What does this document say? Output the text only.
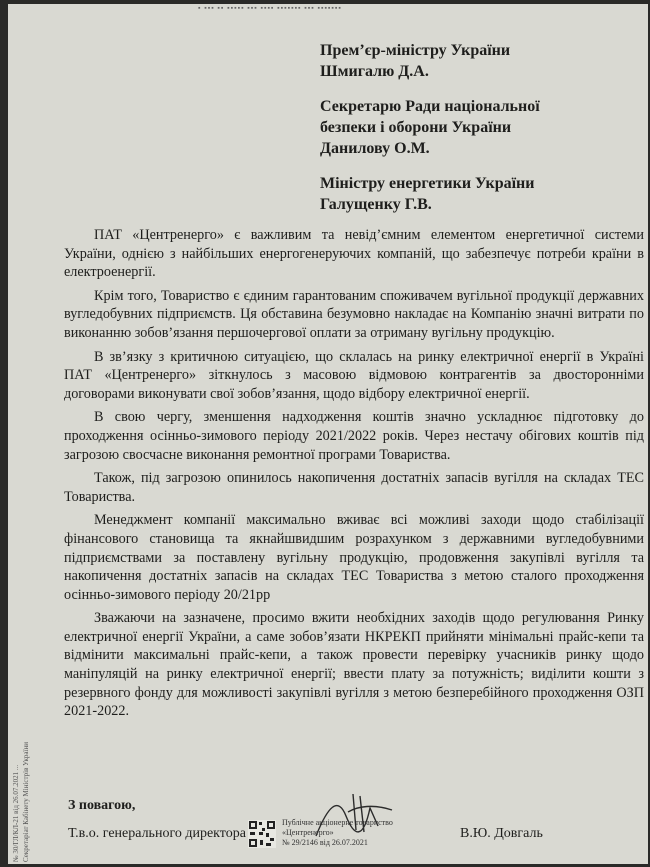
▪ ▪▪▪ ▪▪ ▪▪▪▪▪ ▪▪▪ ▪▪▪▪ ▪▪▪▪▪▪▪ ▪▪▪ ▪▪▪▪▪▪▪
Прем’єр-міністру України
Шмигалю Д.А.
Секретарю Ради національної
безпеки і оборони України
Данилову О.М.
Міністру енергетики України
Галущенку Г.В.

ПАТ «Центренерго» є важливим та невід’ємним елементом енергетичної системи України, однією з найбільших енергогенеруючих компаній, що забезпечує потреби країни в електроенергії.

Крім того, Товариство є єдиним гарантованим споживачем вугільної продукції державних вугледобувних підприємств. Ця обставина безумовно накладає на Компанію значні витрати по виконанню зобов’язання першочергової оплати за отриману вугільну продукцію.

В зв’язку з критичною ситуацією, що склалась на ринку електричної енергії в Україні ПАТ «Центренерго» зіткнулось з масовою відмовою контрагентів за двосторонніми договорами виконувати свої зобов’язання, щодо відбору електричної енергії.

В свою чергу, зменшення надходження коштів значно ускладнює підготовку до проходження осінньо-зимового періоду 2021/2022 років. Через нестачу обігових коштів під загрозою свосчасне виконання ремонтної програми Товариства.

Також, під загрозою опинилось накопичення достатніх запасів вугілля на складах ТЕС Товариства.

Менеджмент компанії максимально вживає всі можливі заходи щодо стабілізації фінансового становища та якнайшвидшим розрахунком з державними вугледобувними підприємствами за поставлену вугільну продукцію, продовження закупівлі вугілля та накопичення достатніх запасів на складах ТЕС Товариства з метою сталого проходження осінньо-зимового періоду 20/21рр

Зважаючи на зазначене, просимо вжити необхідних заходів щодо регулювання Ринку електричної енергії України, а саме зобов’язати НКРЕКП прийняти мінімальні прайс-кепи та відмінити максимальні прайс-кепи, а також провести перевірку учасників ринку щодо маніпуляцій на ринку електричної енергії; ввести плату за потужність; виділити кошти з резервного фонду для можливості закупівлі вугілля з метою безперебійного проходження ОЗП 2021-2022.

№ 30/ГЛ/КЛ-21 від 26.07.2021 ... Секретаріат Кабінету Міністрів України	З повагою,
Т.в.о. генерального директора	В.Ю. Довгаль
Публічне акціонерне товариство
«Центренерго»
№ 29/2146 від 26.07.2021
